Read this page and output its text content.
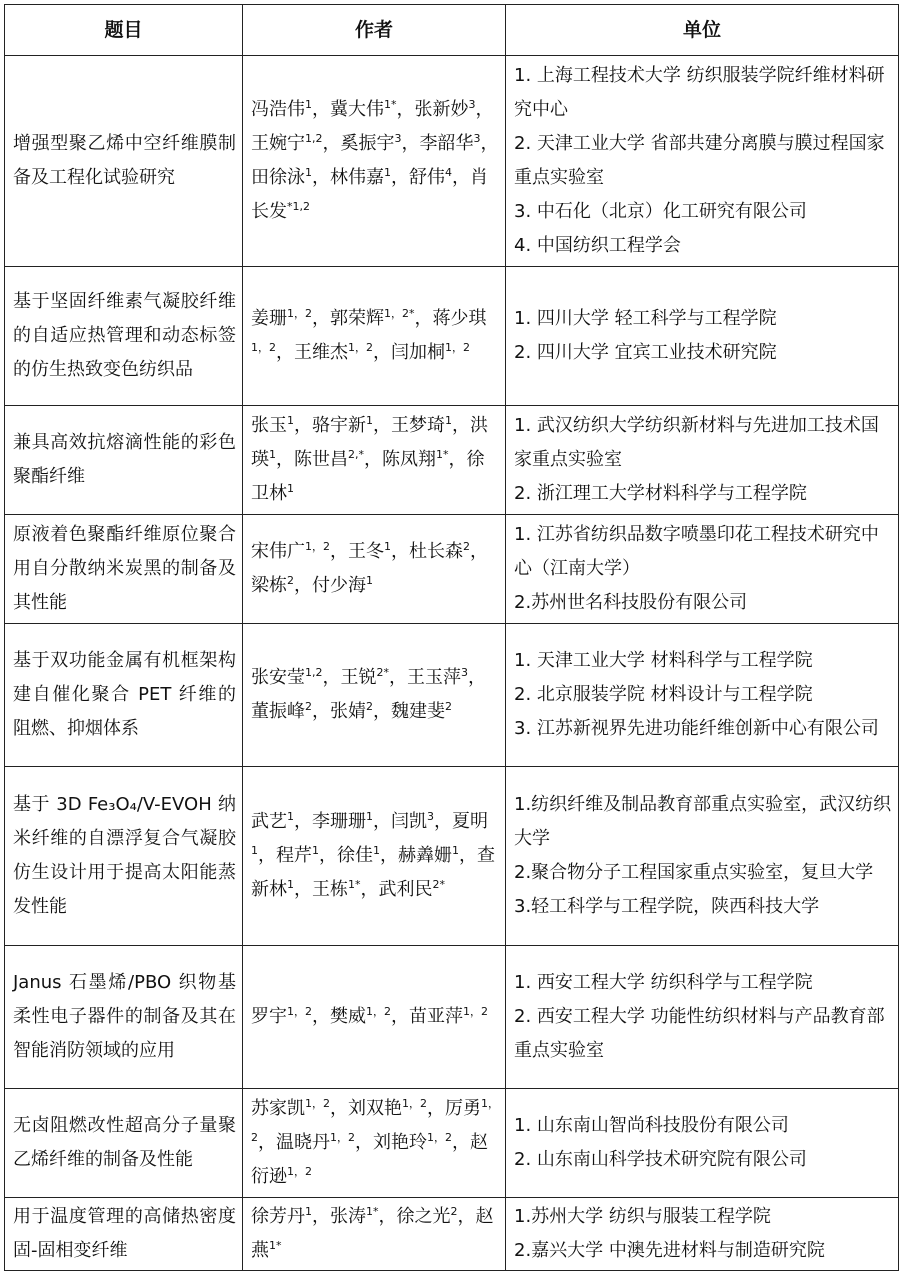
题目	作者	单位
增强型聚乙烯中空纤维膜制备及工程化试验研究	冯浩伟$^1$，冀大伟$^{1*}$，张新妙$^3$，王婉宁$^{1,2}$，奚振宇$^3$，李韶华$^3$，田徐泳$^1$，林伟嘉$^1$，舒伟$^4$，肖长发$^{*1,2}$	1. 上海工程技术大学 纺织服装学院纤维材料研究中心
2. 天津工业大学 省部共建分离膜与膜过程国家重点实验室
3. 中石化（北京）化工研究有限公司
4. 中国纺织工程学会

基于坚固纤维素气凝胶纤维的自适应热管理和动态标签的仿生热致变色纺织品	姜珊$^{1,2}$，郭荣辉$^{1,2*}$，蒋少琪$^{1,2}$，王维杰$^{1,2}$，闫加桐$^{1,2}$	1. 四川大学 轻工科学与工程学院
2. 四川大学 宜宾工业技术研究院

兼具高效抗熔滴性能的彩色聚酯纤维	张玉$^1$，骆宇新$^1$，王梦琦$^1$，洪瑛$^1$，陈世昌$^{2,*}$，陈凤翔$^{1*}$，徐卫林$^1$	1. 武汉纺织大学纺织新材料与先进加工技术国家重点实验室
2. 浙江理工大学材料科学与工程学院

原液着色聚酯纤维原位聚合用自分散纳米炭黑的制备及其性能	宋伟广$^{1,2}$，王冬$^1$，杜长森$^2$，梁栋$^2$，付少海$^1$	1. 江苏省纺织品数字喷墨印花工程技术研究中心（江南大学）
2.苏州世名科技股份有限公司

基于双功能金属有机框架构建自催化聚合 PET 纤维的阻燃、抑烟体系	张安莹$^{1,2}$，王锐$^{2*}$，王玉萍$^3$，董振峰$^2$，张婧$^2$，魏建斐$^2$	1. 天津工业大学 材料科学与工程学院
2. 北京服装学院 材料设计与工程学院
3. 江苏新视界先进功能纤维创新中心有限公司

基于 3D Fe₃O₄/V-EVOH 纳米纤维的自漂浮复合气凝胶仿生设计用于提高太阳能蒸发性能	武艺$^1$，李珊珊$^1$，闫凯$^3$，夏明$^1$，程芹$^1$，徐佳$^1$，赫羴姗$^1$，查新林$^1$，王栋$^{1*}$，武利民$^{2*}$	1.纺织纤维及制品教育部重点实验室，武汉纺织大学
2.聚合物分子工程国家重点实验室，复旦大学
3.轻工科学与工程学院，陕西科技大学

Janus 石墨烯/PBO 织物基柔性电子器件的制备及其在智能消防领域的应用	罗宇$^{1,2}$，樊威$^{1,2}$，苗亚萍$^{1,2}$	1. 西安工程大学 纺织科学与工程学院
2. 西安工程大学 功能性纺织材料与产品教育部重点实验室

无卤阻燃改性超高分子量聚乙烯纤维的制备及性能	苏家凯$^{1,2}$，刘双艳$^{1,2}$，厉勇$^{1,2}$，温晓丹$^{1,2}$，刘艳玲$^{1,2}$，赵衍逊$^{1,2}$	1. 山东南山智尚科技股份有限公司
2. 山东南山科学技术研究院有限公司

用于温度管理的高储热密度固-固相变纤维	徐芳丹$^1$，张涛$^{1*}$，徐之光$^2$，赵燕$^{1*}$	1.苏州大学 纺织与服装工程学院
2.嘉兴大学 中澳先进材料与制造研究院
